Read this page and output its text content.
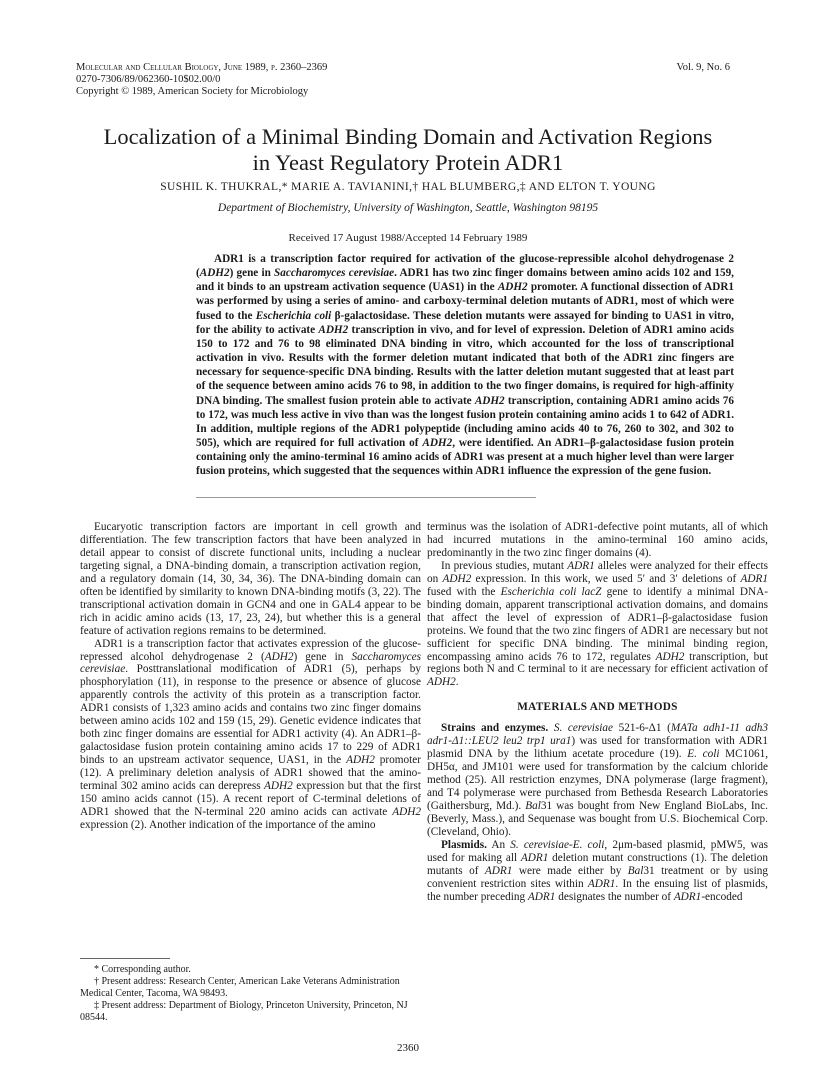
Molecular and Cellular Biology, June 1989, p. 2360–2369
0270-7306/89/062360-10$02.00/0
Copyright © 1989, American Society for Microbiology
Vol. 9, No. 6
Localization of a Minimal Binding Domain and Activation Regions
in Yeast Regulatory Protein ADR1
SUSHIL K. THUKRAL,* MARIE A. TAVIANINI,† HAL BLUMBERG,‡ AND ELTON T. YOUNG
Department of Biochemistry, University of Washington, Seattle, Washington 98195
Received 17 August 1988/Accepted 14 February 1989
ADR1 is a transcription factor required for activation of the glucose-repressible alcohol dehydrogenase 2 (ADH2) gene in Saccharomyces cerevisiae. ADR1 has two zinc finger domains between amino acids 102 and 159, and it binds to an upstream activation sequence (UAS1) in the ADH2 promoter. A functional dissection of ADR1 was performed by using a series of amino- and carboxy-terminal deletion mutants of ADR1, most of which were fused to the Escherichia coli β-galactosidase. These deletion mutants were assayed for binding to UAS1 in vitro, for the ability to activate ADH2 transcription in vivo, and for level of expression. Deletion of ADR1 amino acids 150 to 172 and 76 to 98 eliminated DNA binding in vitro, which accounted for the loss of transcriptional activation in vivo. Results with the former deletion mutant indicated that both of the ADR1 zinc fingers are necessary for sequence-specific DNA binding. Results with the latter deletion mutant suggested that at least part of the sequence between amino acids 76 to 98, in addition to the two finger domains, is required for high-affinity DNA binding. The smallest fusion protein able to activate ADH2 transcription, containing ADR1 amino acids 76 to 172, was much less active in vivo than was the longest fusion protein containing amino acids 1 to 642 of ADR1. In addition, multiple regions of the ADR1 polypeptide (including amino acids 40 to 76, 260 to 302, and 302 to 505), which are required for full activation of ADH2, were identified. An ADR1–β-galactosidase fusion protein containing only the amino-terminal 16 amino acids of ADR1 was present at a much higher level than were larger fusion proteins, which suggested that the sequences within ADR1 influence the expression of the gene fusion.

Eucaryotic transcription factors are important in cell growth and differentiation. The few transcription factors that have been analyzed in detail appear to consist of discrete functional units, including a nuclear targeting signal, a DNA-binding domain, a transcription activation region, and a regulatory domain (14, 30, 34, 36). The DNA-binding domain can often be identified by similarity to known DNA-binding motifs (3, 22). The transcriptional activation domain in GCN4 and one in GAL4 appear to be rich in acidic amino acids (13, 17, 23, 24), but whether this is a general feature of activation regions remains to be determined.

ADR1 is a transcription factor that activates expression of the glucose-repressed alcohol dehydrogenase 2 (ADH2) gene in Saccharomyces cerevisiae. Posttranslational modification of ADR1 (5), perhaps by phosphorylation (11), in response to the presence or absence of glucose apparently controls the activity of this protein as a transcription factor. ADR1 consists of 1,323 amino acids and contains two zinc finger domains between amino acids 102 and 159 (15, 29). Genetic evidence indicates that both zinc finger domains are essential for ADR1 activity (4). An ADR1–β-galactosidase fusion protein containing amino acids 17 to 229 of ADR1 binds to an upstream activator sequence, UAS1, in the ADH2 promoter (12). A preliminary deletion analysis of ADR1 showed that the amino-terminal 302 amino acids can derepress ADH2 expression but that the first 150 amino acids cannot (15). A recent report of C-terminal deletions of ADR1 showed that the N-terminal 220 amino acids can activate ADH2 expression (2). Another indication of the importance of the amino

terminus was the isolation of ADR1-defective point mutants, all of which had incurred mutations in the amino-terminal 160 amino acids, predominantly in the two zinc finger domains (4).

In previous studies, mutant ADR1 alleles were analyzed for their effects on ADH2 expression. In this work, we used 5′ and 3′ deletions of ADR1 fused with the Escherichia coli lacZ gene to identify a minimal DNA-binding domain, apparent transcriptional activation domains, and domains that affect the level of expression of ADR1–β-galactosidase fusion proteins. We found that the two zinc fingers of ADR1 are necessary but not sufficient for specific DNA binding. The minimal binding region, encompassing amino acids 76 to 172, regulates ADH2 transcription, but regions both N and C terminal to it are necessary for efficient activation of ADH2.

MATERIALS AND METHODS

Strains and enzymes. S. cerevisiae 521-6-Δ1 (MATa adh1-11 adh3 adr1-Δ1::LEU2 leu2 trp1 ura1) was used for transformation with ADR1 plasmid DNA by the lithium acetate procedure (19). E. coli MC1061, DH5α, and JM101 were used for transformation by the calcium chloride method (25). All restriction enzymes, DNA polymerase (large fragment), and T4 polymerase were purchased from Bethesda Research Laboratories (Gaithersburg, Md.). Bal31 was bought from New England BioLabs, Inc. (Beverly, Mass.), and Sequenase was bought from U.S. Biochemical Corp. (Cleveland, Ohio).

Plasmids. An S. cerevisiae-E. coli, 2μm-based plasmid, pMW5, was used for making all ADR1 deletion mutant constructions (1). The deletion mutants of ADR1 were made either by Bal31 treatment or by using convenient restriction sites within ADR1. In the ensuing list of plasmids, the number preceding ADR1 designates the number of ADR1-encoded

* Corresponding author.
† Present address: Research Center, American Lake Veterans Administration Medical Center, Tacoma, WA 98493.
‡ Present address: Department of Biology, Princeton University, Princeton, NJ 08544.
2360
